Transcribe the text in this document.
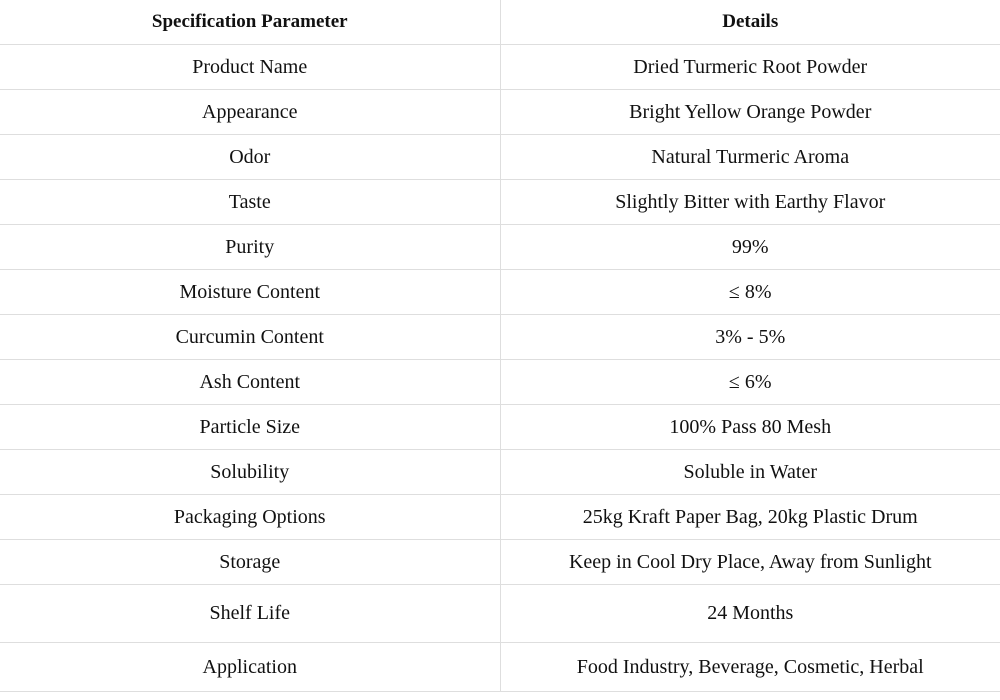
Specification Parameter	Details
Product Name	Dried Turmeric Root Powder
Appearance	Bright Yellow Orange Powder
Odor	Natural Turmeric Aroma
Taste	Slightly Bitter with Earthy Flavor
Purity	99%
Moisture Content	≤ 8%
Curcumin Content	3% - 5%
Ash Content	≤ 6%
Particle Size	100% Pass 80 Mesh
Solubility	Soluble in Water
Packaging Options	25kg Kraft Paper Bag, 20kg Plastic Drum
Storage	Keep in Cool Dry Place, Away from Sunlight
Shelf Life	24 Months
Application	Food Industry, Beverage, Cosmetic, Herbal
